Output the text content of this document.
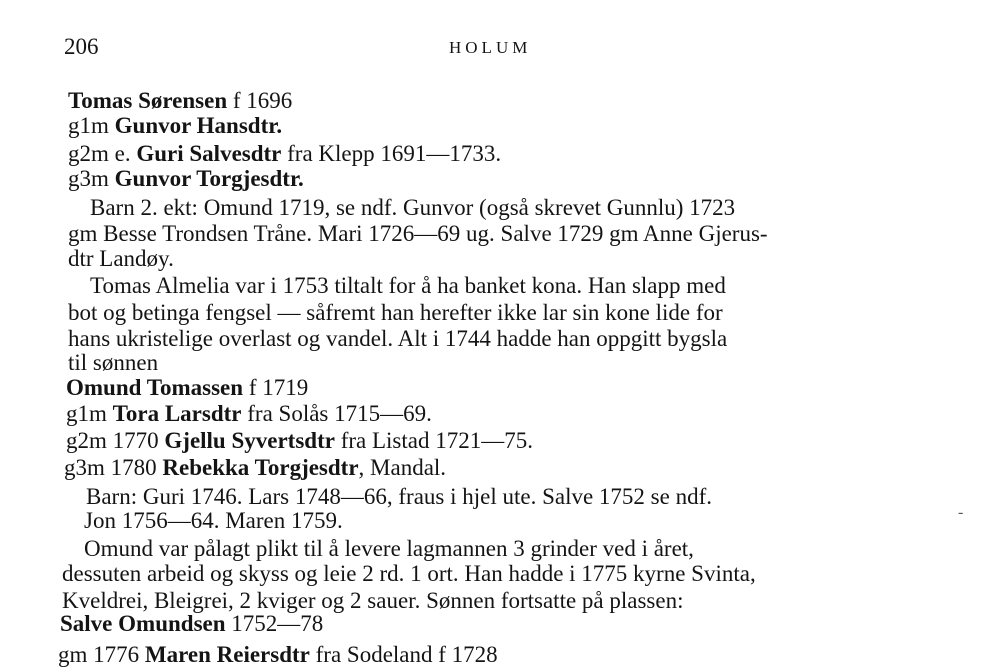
206	HOLUM
Tomas Sørensen f 1696
g1m Gunvor Hansdtr.
g2m e. Guri Salvesdtr fra Klepp 1691—1733.
g3m Gunvor Torgjesdtr.
Barn 2. ekt: Omund 1719, se ndf. Gunvor (også skrevet Gunnlu) 1723
gm Besse Trondsen Tråne. Mari 1726—69 ug. Salve 1729 gm Anne Gjerus-
dtr Landøy.
Tomas Almelia var i 1753 tiltalt for å ha banket kona. Han slapp med
bot og betinga fengsel — såfremt han herefter ikke lar sin kone lide for
hans ukristelige overlast og vandel. Alt i 1744 hadde han oppgitt bygsla
til sønnen
Omund Tomassen f 1719
g1m Tora Larsdtr fra Solås 1715—69.
g2m 1770 Gjellu Syvertsdtr fra Listad 1721—75.
g3m 1780 Rebekka Torgjesdtr, Mandal.
Barn: Guri 1746. Lars 1748—66, fraus i hjel ute. Salve 1752 se ndf.
Jon 1756—64. Maren 1759.
Omund var pålagt plikt til å levere lagmannen 3 grinder ved i året,
dessuten arbeid og skyss og leie 2 rd. 1 ort. Han hadde i 1775 kyrne Svinta,
Kveldrei, Bleigrei, 2 kviger og 2 sauer. Sønnen fortsatte på plassen:
Salve Omundsen 1752—78
gm 1776 Maren Reiersdtr fra Sodeland f 1728
-
